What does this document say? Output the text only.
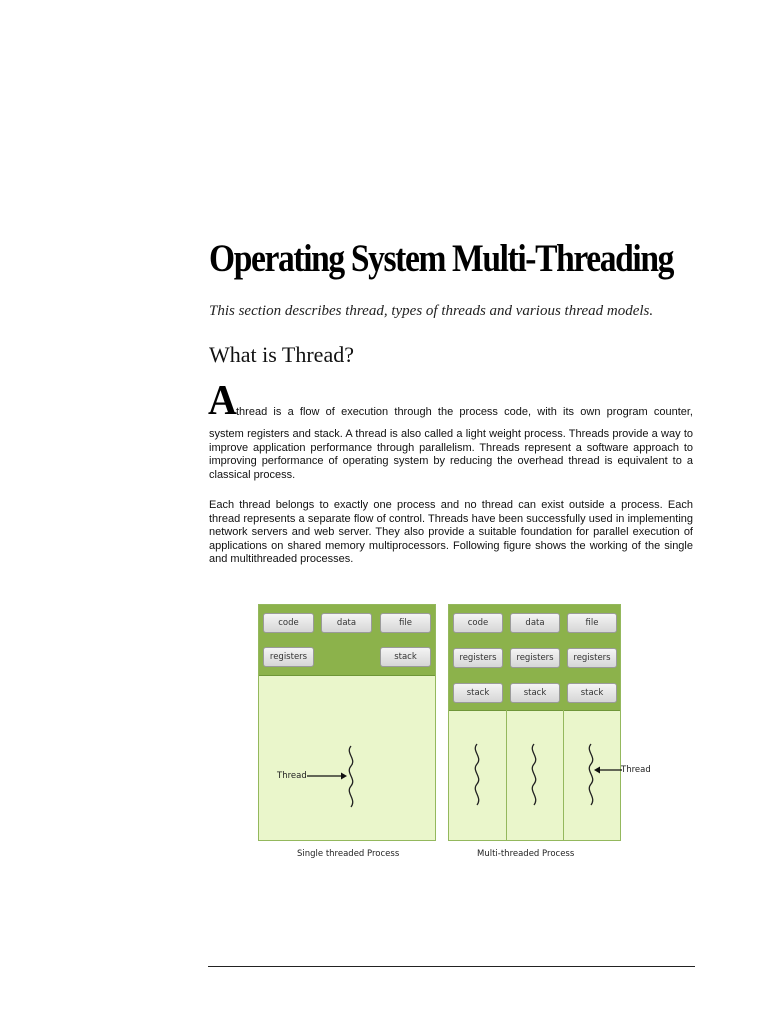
Operating System Multi-Threading
This section describes thread, types of threads and various thread models.
What is Thread?
A thread is a flow of execution through the process code, with its own program counter,
system registers and stack. A thread is also called a light weight process. Threads provide a way to improve application performance through parallelism. Threads represent a software approach to improving performance of operating system by reducing the overhead thread is equivalent to a classical process.
Each thread belongs to exactly one process and no thread can exist outside a process. Each thread represents a separate flow of control. Threads have been successfully used in implementing network servers and web server. They also provide a suitable foundation for parallel execution of applications on shared memory multiprocessors. Following figure shows the working of the single and multithreaded processes.
code	data	file
registers	stack
Thread
Single threaded Process
code	data	file
registers	registers	registers
stack	stack	stack
Multi-threaded Process
Thread
